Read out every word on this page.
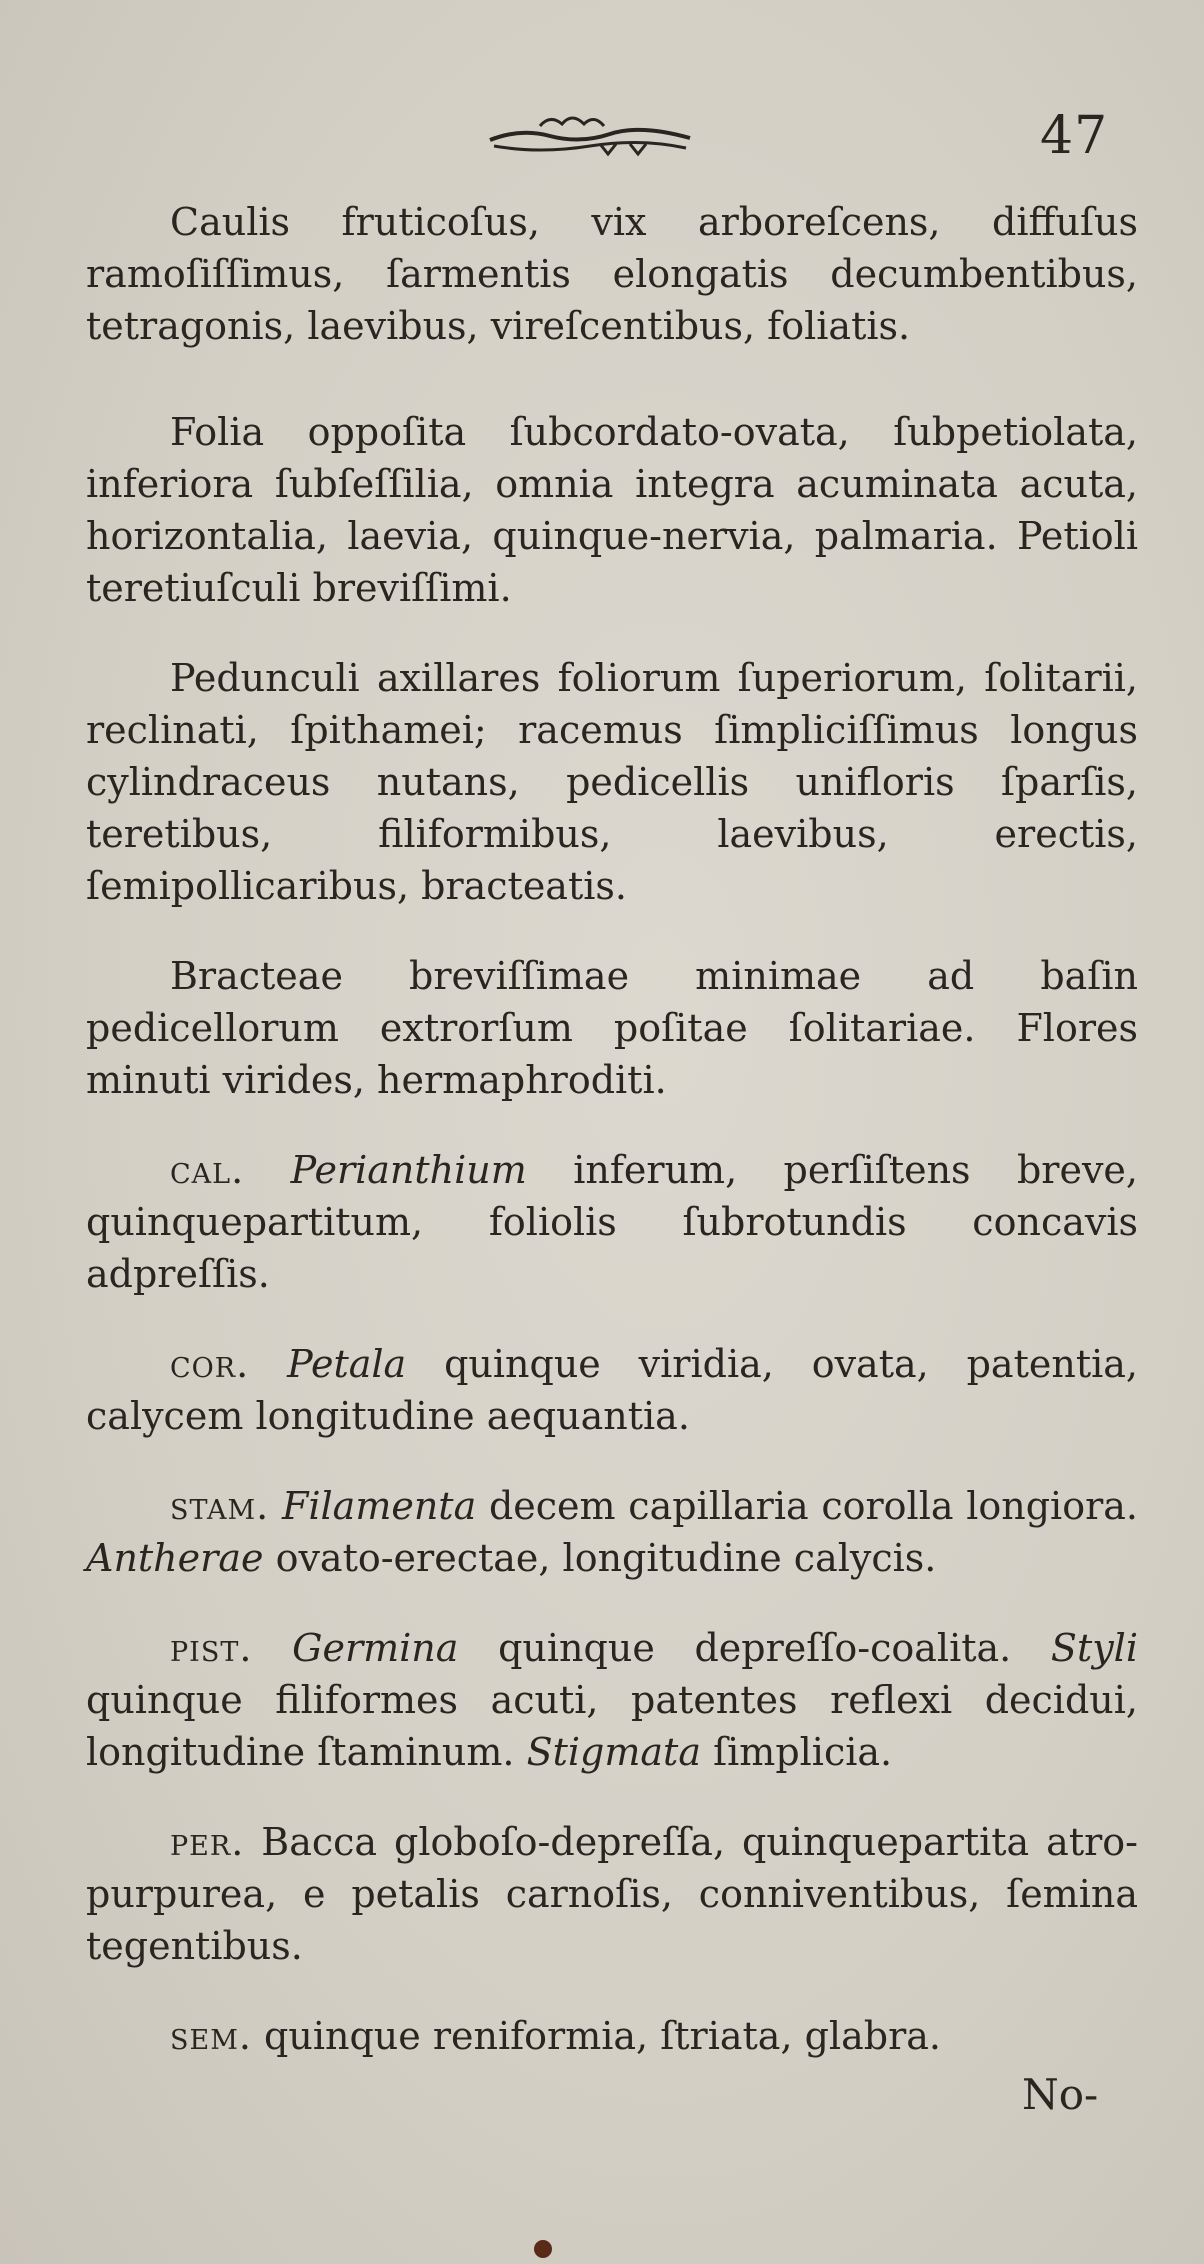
47

Caulis fruticoſus, vix arboreſcens, diffuſus ramoſiſſimus, ſarmentis elongatis decumbentibus, tetragonis, laevibus, vireſcentibus, foliatis.

Folia oppoſita ſubcordato-ovata, ſubpetiolata, inferiora ſubſeſſilia, omnia integra acuminata acuta, horizontalia, laevia, quinque-nervia, palmaria. Petioli teretiuſculi breviſſimi.

Pedunculi axillares foliorum ſuperiorum, ſolitarii, reclinati, ſpithamei; racemus ſimpliciſſimus longus cylindraceus nutans, pedicellis unifloris ſparſis, teretibus, filiformibus, laevibus, erectis, ſemipollicaribus, bracteatis.

Bracteae breviſſimae minimae ad baſin pedicellorum extrorſum poſitae ſolitariae. Flores minuti virides, hermaphroditi.

cal. Perianthium inferum, perſiſtens breve, quinquepartitum, foliolis ſubrotundis concavis adpreſſis.

cor. Petala quinque viridia, ovata, patentia, calycem longitudine aequantia.

stam. Filamenta decem capillaria corolla longiora. Antherae ovato-erectae, longitudine calycis.

pist. Germina quinque depreſſo-coalita. Styli quinque filiformes acuti, patentes reflexi decidui, longitudine ſtaminum. Stigmata ſimplicia.

per. Bacca globoſo-depreſſa, quinquepartita atro-purpurea, e petalis carnoſis, conniventibus, ſemina tegentibus.

sem. quinque reniformia, ſtriata, glabra.

No-
